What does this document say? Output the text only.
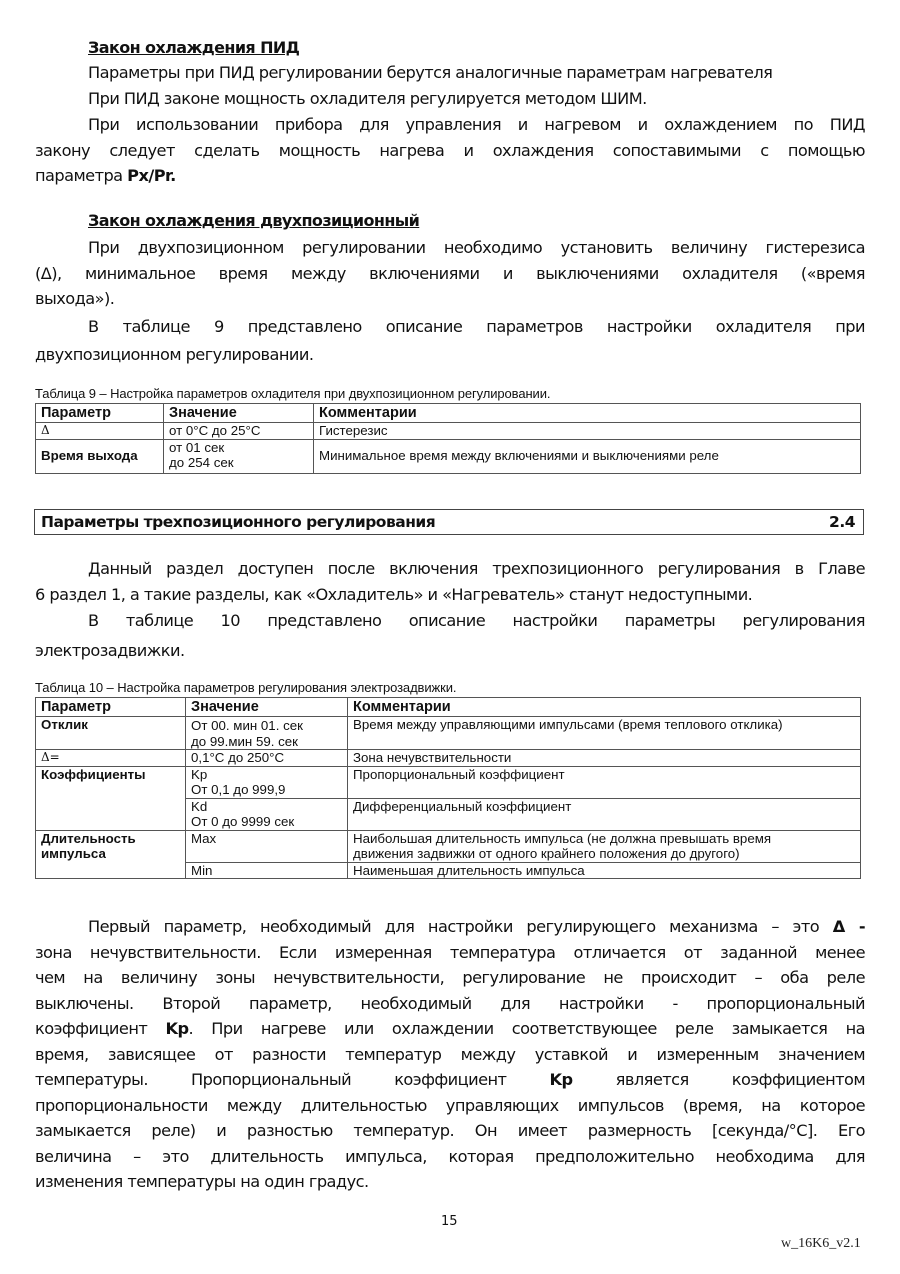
Закон охлаждения ПИД
Параметры при ПИД регулировании берутся аналогичные параметрам нагревателя
При ПИД законе мощность охладителя регулируется методом ШИМ.
При использовании прибора для управления и нагревом и охлаждением по ПИД
закону следует сделать мощность нагрева и охлаждения сопоставимыми с помощью
параметра Px/Pr.
Закон охлаждения двухпозиционный
При двухпозиционном регулировании необходимо установить величину гистерезиса
(Δ), минимальное время между включениями и выключениями охладителя («время
выхода»).
В таблице 9 представлено описание параметров настройки охладителя при
двухпозиционном регулировании.
Таблица 9 – Настройка параметров охладителя при двухпозиционном регулировании.
Параметр	Значение	Комментарии
Δ	от 0°C до 25°C	Гистерезис
Время выхода	от 01 сек
до 254 сек	Минимальное время между включениями и выключениями реле
Параметры трехпозиционного регулирования	2.4
Данный раздел доступен после включения трехпозиционного регулирования в Главе
6 раздел 1, а такие разделы, как «Охладитель» и «Нагреватель» станут недоступными.
В таблице 10 представлено описание настройки параметры регулирования
электрозадвижки.
Таблица 10 – Настройка параметров регулирования электрозадвижки.
Параметр	Значение	Комментарии
Отклик	От 00. мин 01. сек
до 99.мин 59. сек	Время между управляющими импульсами (время теплового отклика)
Δ=	0,1°C до 250°C	Зона нечувствительности
Коэффициенты	Kp
От 0,1 до 999,9	Пропорциональный коэффициент

	Kd
От 0 до 9999 сек	Дифференциальный коэффициент
Длительность импульса	Max	Наибольшая длительность импульса (не должна превышать время
движения задвижки от одного крайнего положения до другого)

	Min	Наименьшая длительность импульса
Первый параметр, необходимый для настройки регулирующего механизма – это Δ -
зона нечувствительности. Если измеренная температура отличается от заданной менее
чем на величину зоны нечувствительности, регулирование не происходит – оба реле
выключены. Второй параметр, необходимый для настройки - пропорциональный
коэффициент Kp. При нагреве или охлаждении соответствующее реле замыкается на
время, зависящее от разности температур между уставкой и измеренным значением
температуры. Пропорциональный коэффициент Kp является коэффициентом
пропорциональности между длительностью управляющих импульсов (время, на которое
замыкается реле) и разностью температур. Он имеет размерность [секунда/°C]. Его
величина – это длительность импульса, которая предположительно необходима для
изменения температуры на один градус.
15
w_16K6_v2.1
